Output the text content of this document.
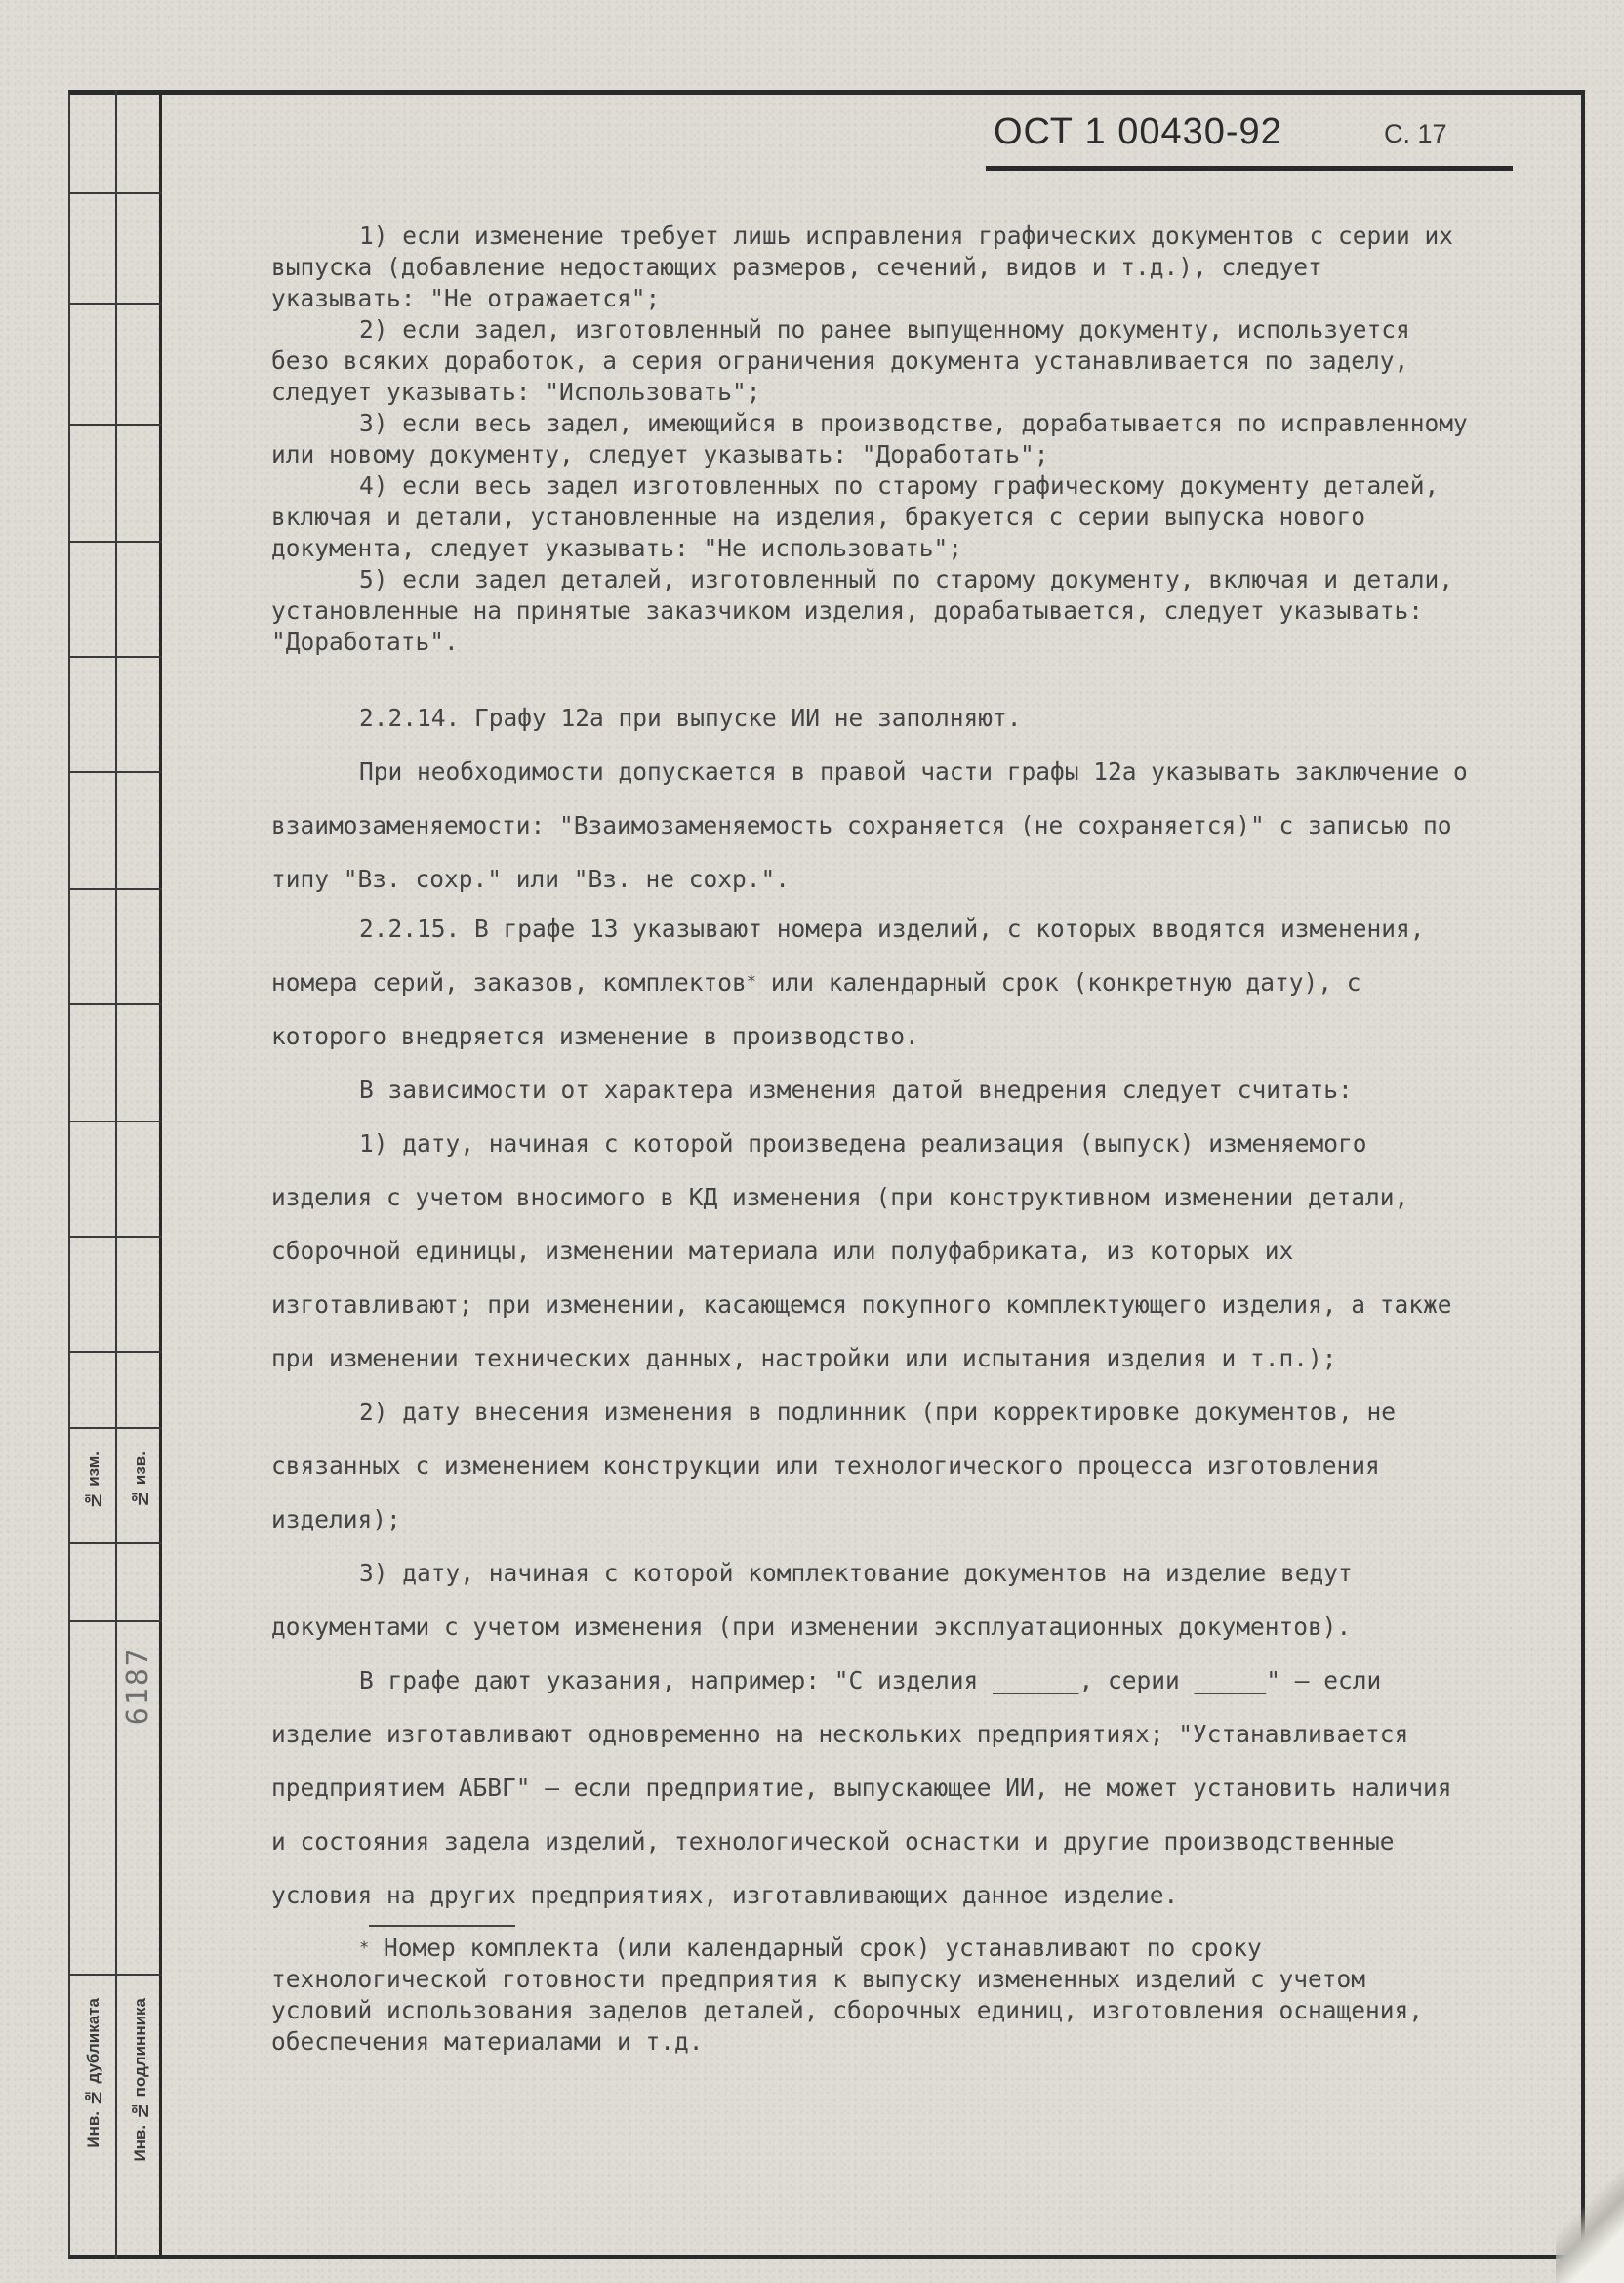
№ изм. № изв.
6187
Инв. № дубликата Инв. № подлинника
ОСТ 1 00430-92	С. 17

1) если изменение требует лишь исправления графических документов с серии их выпуска (добавление недостающих размеров, сечений, видов и т.д.), следует указывать: "Не отражается";

2) если задел, изготовленный по ранее выпущенному документу, используется безо всяких доработок, а серия ограничения документа устанавливается по заделу, следует указывать: "Использовать";

3) если весь задел, имеющийся в производстве, дорабатывается по исправленному или новому документу, следует указывать: "Доработать";

4) если весь задел изготовленных по старому графическому документу деталей, включая и детали, установленные на изделия, бракуется с серии выпуска нового документа, следует указывать: "Не использовать";

5) если задел деталей, изготовленный по старому документу, включая и детали, установленные на принятые заказчиком изделия, дорабатывается, следует указывать: "Доработать".

2.2.14. Графу 12а при выпуске ИИ не заполняют.

При необходимости допускается в правой части графы 12а указывать заключение о взаимозаменяемости: "Взаимозаменяемость сохраняется (не сохраняется)" с записью по типу "Вз. сохр." или "Вз. не сохр.".

2.2.15. В графе 13 указывают номера изделий, с которых вводятся изменения, номера серий, заказов, комплектов* или календарный срок (конкретную дату), с которого внедряется изменение в производство.

В зависимости от характера изменения датой внедрения следует считать:

1) дату, начиная с которой произведена реализация (выпуск) изменяемого изделия с учетом вносимого в КД изменения (при конструктивном изменении детали, сборочной единицы, изменении материала или полуфабриката, из которых их изготавливают; при изменении, касающемся покупного комплектующего изделия, а также при изменении технических данных, настройки или испытания изделия и т.п.);

2) дату внесения изменения в подлинник (при корректировке документов, не связанных с изменением конструкции или технологического процесса изготовления изделия);

3) дату, начиная с которой комплектование документов на изделие ведут документами с учетом изменения (при изменении эксплуатационных документов).

В графе дают указания, например: "С изделия ______, серии _____" – если изделие изготавливают одновременно на нескольких предприятиях; "Устанавливается предприятием АБВГ" – если предприятие, выпускающее ИИ, не может установить наличия и состояния задела изделий, технологической оснастки и другие производственные условия на других предприятиях, изготавливающих данное изделие.

* Номер комплекта (или календарный срок) устанавливают по сроку технологической готовности предприятия к выпуску измененных изделий с учетом условий использования заделов деталей, сборочных единиц, изготовления оснащения, обеспечения материалами и т.д.
